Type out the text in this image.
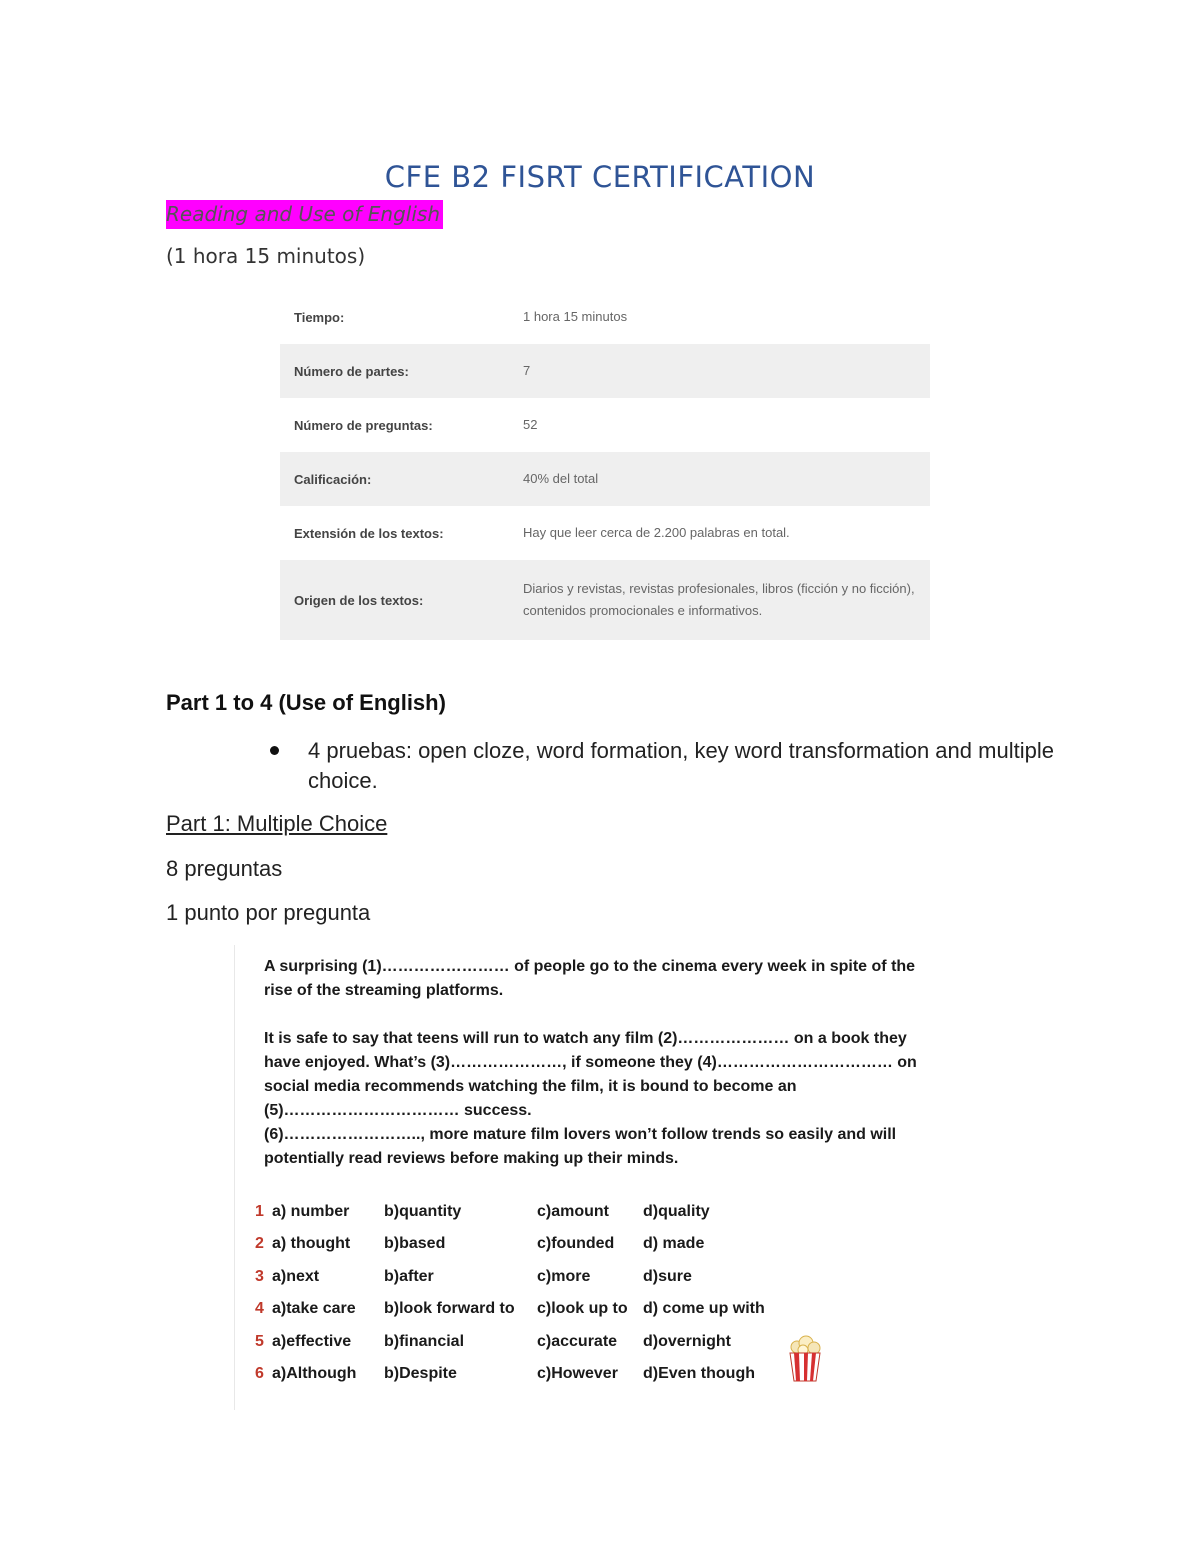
CFE B2 FISRT CERTIFICATION
Reading and Use of English
(1 hora 15 minutos)
Tiempo:	1 hora 15 minutos
Número de partes:	7
Número de preguntas:	52
Calificación:	40% del total
Extensión de los textos:	Hay que leer cerca de 2.200 palabras en total.
Origen de los textos:	Diarios y revistas, revistas profesionales, libros (ficción y no ficción), contenidos promocionales e informativos.
Part 1 to 4 (Use of English)
4 pruebas: open cloze, word formation, key word transformation and multiple choice.
Part 1: Multiple Choice
8 preguntas
1 punto por pregunta
A surprising (1)…………………… of people go to the cinema every week in spite of the rise of the streaming platforms.
It is safe to say that teens will run to watch any film (2)………………… on a book they have enjoyed. What’s (3)…………………, if someone they (4)…………………………… on social media recommends watching the film, it is bound to become an (5)…………………………… success.
(6)…………………….., more mature film lovers won’t follow trends so easily and will potentially read reviews before making up their minds.
1 a) number b)quantity	c)amount d)quality
2 a) thought b)based	c)founded d) made
3 a)next	b)after	c)more	d)sure
4 a)take care b)look forward to c)look up to d) come up with
5 a)effective b)financial	c)accurate d)overnight
6 a)Although b)Despite	c)However d)Even though
